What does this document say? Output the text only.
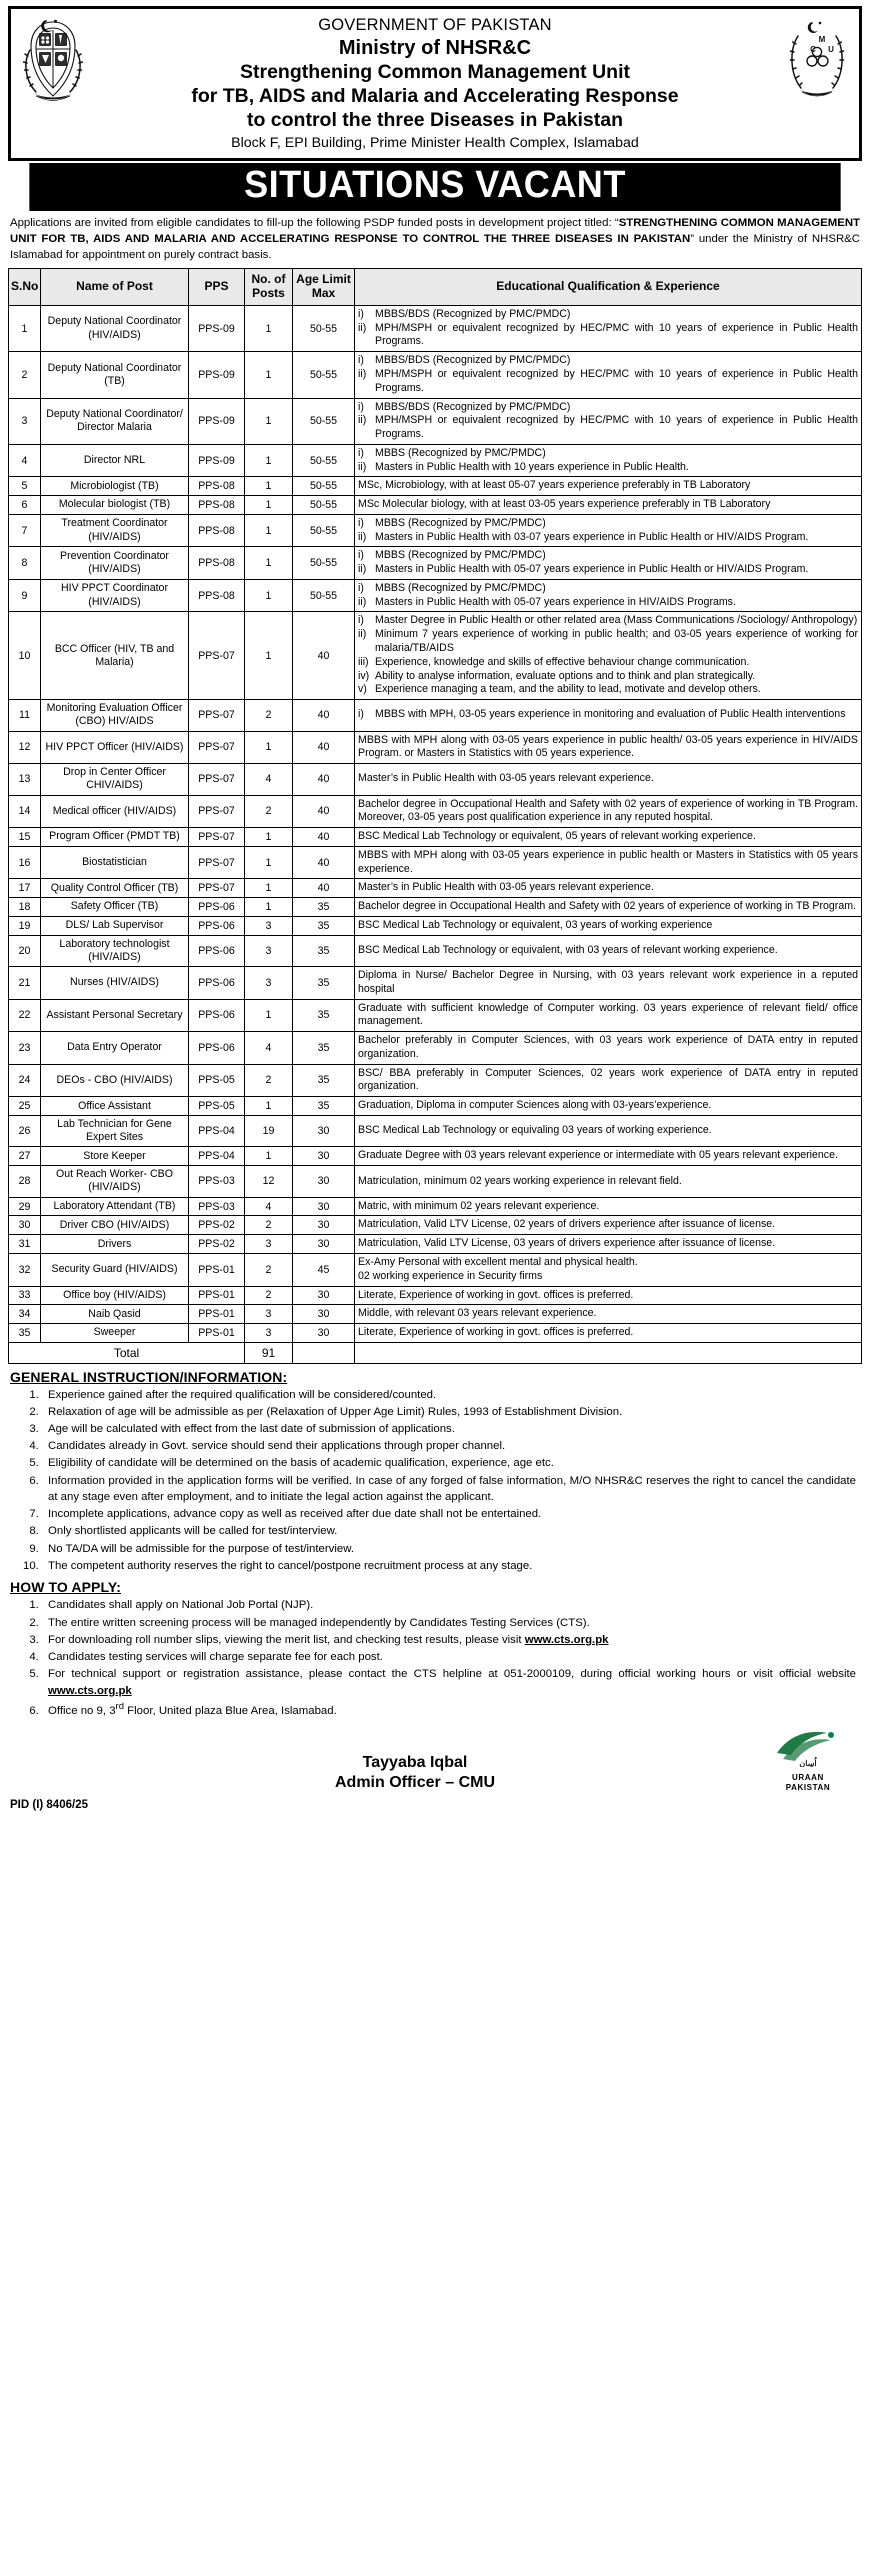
GOVERNMENT OF PAKISTAN
Ministry of NHSR&C
Strengthening Common Management Unit
for TB, AIDS and Malaria and Accelerating Response
to control the three Diseases in Pakistan
Block F, EPI Building, Prime Minister Health Complex, Islamabad
M
C U
SITUATIONS VACANT
Applications are invited from eligible candidates to fill-up the following PSDP funded posts in development project titled: “STRENGTHENING COMMON MANAGEMENT UNIT FOR TB, AIDS AND MALARIA AND ACCELERATING RESPONSE TO CONTROL THE THREE DISEASES IN PAKISTAN” under the Ministry of NHSR&C Islamabad for appointment on purely contract basis.
S.No	Name of Post	PPS	No. of Posts	Age Limit Max	Educational Qualification & Experience
1	Deputy National Coordinator (HIV/AIDS)	PPS-09	1	50-55	
i)	MBBS/BDS (Recognized by PMC/PMDC)
ii) MPH/MSPH or equivalent recognized by HEC/PMC with 10 years of experience in Public Health Programs.

2	Deputy National Coordinator (TB)	PPS-09	1	50-55	
i)	MBBS/BDS (Recognized by PMC/PMDC)
ii) MPH/MSPH or equivalent recognized by HEC/PMC with 10 years of experience in Public Health Programs.

3	Deputy National Coordinator/ Director Malaria	PPS-09	1	50-55	
i)	MBBS/BDS (Recognized by PMC/PMDC)
ii) MPH/MSPH or equivalent recognized by HEC/PMC with 10 years of experience in Public Health Programs.

4	Director NRL	PPS-09	1	50-55	
i)	MBBS (Recognized by PMC/PMDC)
ii) Masters in Public Health with 10 years experience in Public Health.

5	Microbiologist (TB)	PPS-08	1	50-55	MSc, Microbiology, with at least 05-07 years experience preferably in TB Laboratory

6	Molecular biologist (TB)	PPS-08	1	50-55	MSc Molecular biology, with at least 03-05 years experience preferably in TB Laboratory

7	Treatment Coordinator (HIV/AIDS)	PPS-08	1	50-55	
i)	MBBS (Recognized by PMC/PMDC)
ii) Masters in Public Health with 03-07 years experience in Public Health or HIV/AIDS Program.

8	Prevention Coordinator (HIV/AIDS)	PPS-08	1	50-55	
i)	MBBS (Recognized by PMC/PMDC)
ii) Masters in Public Health with 05-07 years experience in Public Health or HIV/AIDS Program.

9	HIV PPCT Coordinator (HIV/AIDS)	PPS-08	1	50-55	
i)	MBBS (Recognized by PMC/PMDC)
ii) Masters in Public Health with 05-07 years experience in HIV/AIDS Programs.

10	BCC Officer (HIV, TB and Malaria)	PPS-07	1	40	
i)	Master Degree in Public Health or other related area (Mass Communications /Sociology/ Anthropology)
ii) Minimum 7 years experience of working in public health; and 03-05 years experience of working for malaria/TB/AIDS
iii) Experience, knowledge and skills of effective behaviour change communication.
iv) Ability to analyse information, evaluate options and to think and plan strategically.
v) Experience managing a team, and the ability to lead, motivate and develop others.

11	Monitoring Evaluation Officer (CBO) HIV/AIDS	PPS-07	2	40	i)	MBBS with MPH, 03-05 years experience in monitoring and evaluation of Public Health interventions

12	HIV PPCT Officer (HIV/AIDS)	PPS-07	1	40	MBBS with MPH along with 03-05 years experience in public health/ 03-05 years experience in HIV/AIDS Program. or Masters in Statistics with 05 years experience.

13	Drop in Center Officer CHIV/AIDS)	PPS-07	4	40	Master’s in Public Health with 03-05 years relevant experience.

14	Medical officer (HIV/AIDS)	PPS-07	2	40	Bachelor degree in Occupational Health and Safety with 02 years of experience of working in TB Program. Moreover, 03-05 years post qualification experience in any reputed hospital.

15	Program Officer (PMDT TB)	PPS-07	1	40	BSC Medical Lab Technology or equivalent, 05 years of relevant working experience.

16	Biostatistician	PPS-07	1	40	MBBS with MPH along with 03-05 years experience in public health or Masters in Statistics with 05 years experience.

17	Quality Control Officer (TB)	PPS-07	1	40	Master’s in Public Health with 03-05 years relevant experience.

18	Safety Officer (TB)	PPS-06	1	35	Bachelor degree in Occupational Health and Safety with 02 years of experience of working in TB Program.

19	DLS/ Lab Supervisor	PPS-06	3	35	BSC Medical Lab Technology or equivalent, 03 years of working experience

20	Laboratory technologist (HIV/AIDS)	PPS-06	3	35	BSC Medical Lab Technology or equivalent, with 03 years of relevant working experience.

21	Nurses (HIV/AIDS)	PPS-06	3	35	Diploma in Nurse/ Bachelor Degree in Nursing, with 03 years relevant work experience in a reputed hospital

22	Assistant Personal Secretary	PPS-06	1	35	Graduate with sufficient knowledge of Computer working. 03 years experience of relevant field/ office management.

23	Data Entry Operator	PPS-06	4	35	Bachelor preferably in Computer Sciences, with 03 years work experience of DATA entry in reputed organization.

24	DEOs - CBO (HIV/AIDS)	PPS-05	2	35	BSC/ BBA preferably in Computer Sciences, 02 years work experience of DATA entry in reputed organization.

25	Office Assistant	PPS-05	1	35	Graduation, Diploma in computer Sciences along with 03-years’experience.

26	Lab Technician for Gene Expert Sites	PPS-04	19	30	BSC Medical Lab Technology or equivaling 03 years of working experience.

27	Store Keeper	PPS-04	1	30	Graduate Degree with 03 years relevant experience or intermediate with 05 years relevant experience.

28	Out Reach Worker- CBO (HIV/AIDS)	PPS-03	12	30	Matriculation, minimum 02 years working experience in relevant field.

29	Laboratory Attendant (TB)	PPS-03	4	30	Matric, with minimum 02 years relevant experience.

30	Driver CBO (HIV/AIDS)	PPS-02	2	30	Matriculation, Valid LTV License, 02 years of drivers experience after issuance of license.

31	Drivers	PPS-02	3	30	Matriculation, Valid LTV License, 03 years of drivers experience after issuance of license.

32	Security Guard (HIV/AIDS)	PPS-01	2	45	Ex-Amy Personal with excellent mental and physical health.
02 working experience in Security firms

33	Office boy (HIV/AIDS)	PPS-01	2	30	Literate, Experience of working in govt. offices is preferred.

34	Naib Qasid	PPS-01	3	30	Middle, with relevant 03 years relevant experience.

35	Sweeper	PPS-01	3	30	Literate, Experience of working in govt. offices is preferred.

Total			91		
GENERAL INSTRUCTION/INFORMATION:
1. Experience gained after the required qualification will be considered/counted.
2. Relaxation of age will be admissible as per (Relaxation of Upper Age Limit) Rules, 1993 of Establishment Division.
3. Age will be calculated with effect from the last date of submission of applications.
4. Candidates already in Govt. service should send their applications through proper channel.
5. Eligibility of candidate will be determined on the basis of academic qualification, experience, age etc.
6. Information provided in the application forms will be verified. In case of any forged of false information, M/O NHSR&C reserves the right to cancel the candidate at any stage even after employment, and to initiate the legal action against the applicant.
7. Incomplete applications, advance copy as well as received after due date shall not be entertained.
8. Only shortlisted applicants will be called for test/interview.
9. No TA/DA will be admissible for the purpose of test/interview.
10. The competent authority reserves the right to cancel/postpone recruitment process at any stage.
HOW TO APPLY:
1. Candidates shall apply on National Job Portal (NJP).
2. The entire written screening process will be managed independently by Candidates Testing Services (CTS).
3. For downloading roll number slips, viewing the merit list, and checking test results, please visit www.cts.org.pk
4. Candidates testing services will charge separate fee for each post.
5. For technical support or registration assistance, please contact the CTS helpline at 051-2000109, during official working hours or visit official website www.cts.org.pk
6. Office no 9, 3rd Floor, United plaza Blue Area, Islamabad.
Tayyaba Iqbal
Admin Officer – CMU
اُڛان
URAAN
PAKISTAN
PID (I) 8406/25
